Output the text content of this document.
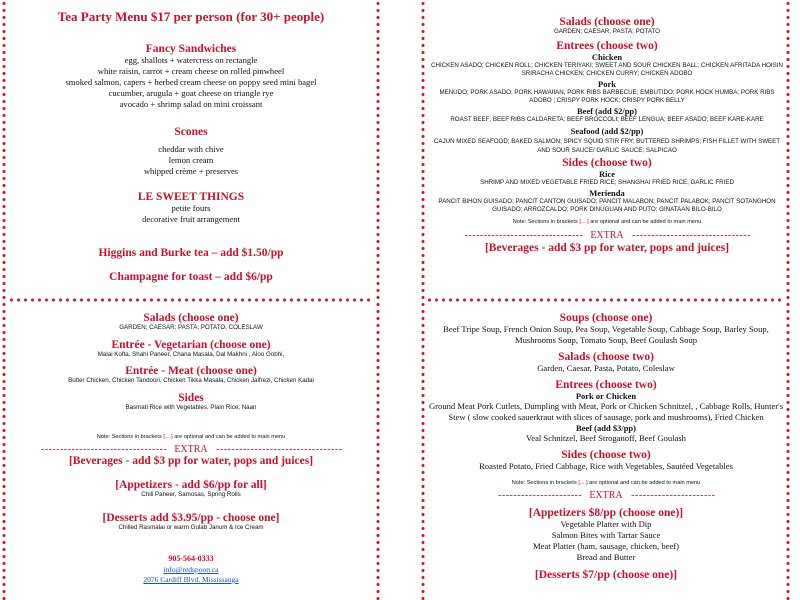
Tea Party Menu $17 per person (for 30+ people)

Fancy Sandwiches

egg, shallots + watercress on rectangle

white raisin, carrot + cream cheese on rolled pinwheel

smoked salmon, capers + herbed cream cheese on poppy seed mini bagel

cucumber, arugula + goat cheese on triangle rye

avocado + shrimp salad on mini croissant

Scones

cheddar with chive

lemon cream

whipped crème + preserves

LE SWEET THINGS

petite fours

decorative fruit arrangement

Higgins and Burke tea – add $1.50/pp

Champagne for toast – add $6/pp

Salads (choose one)

GARDEN; CAESAR; PASTA; POTATO

Entrees (choose two)

Chicken

CHICKEN ASADO; CHICKEN ROLL; CHICKEN TERIYAKI; SWEET AND SOUR CHICKEN BALL; CHICKEN AFRITADA HOISIN SRIRACHA CHICKEN; CHICKEN CURRY; CHICKEN ADOBO

Pork

MENUDO; PORK ASADO; PORK HAWAIIAN, PORK RIBS BARBECUE; EMBUTIDO; PORK HOCK HUMBA; PORK RIBS ADOBO ; CRISPY PORK HOCK; CRISPY PORK BELLY

Beef (add $2/pp)

ROAST BEEF; BEEF RIBS CALDARETA; BEEF BROCCOLI; BEEF LENGUA; BEEF ASADO; BEEF KARE-KARE

Seafood (add $2/pp)

CAJUN MIXED SEAFOOD; BAKED SALMON; SPICY SQUID STIR FRY; BUTTERED SHRIMPS; FISH FILLET WITH SWEET AND SOUR SAUCE/ GARLIC SAUCE; SALPICAO

Sides (choose two)

Rice

SHRIMP AND MIXED VEGETABLE FRIED RICE; SHANGHAI FRIED RICE; GARLIC FRIED

Merienda

PANCIT BIHON GUISADO; PANCIT CANTON GUISADO; PANCIT MALABON; PANCIT PALABOK; PANCIT SOTANGHON GUISADO; ARROZCALDO; PORK DINUGUAN AND PUTO; GINATAAN BILO-BILO

Note: Sections in brackets [....] are optional and can be added to main menu

- - - - - - - - - - - - - - - - - - - - - - - - - - - - - - - EXTRA - - - - - - - - - - - - - - - - - - - - - - - - - - - - - - -

[Beverages - add $3 pp for water, pops and juices]

Salads (choose one)

GARDEN; CAESAR; PASTA; POTATO, COLESLAW

Entrée - Vegetarian (choose one)

Malai Kofta, Shahi Paneer, Chana Masala, Dal Makhni , Aloo Gobhi,

Entrée - Meat (choose one)

Butter Chicken, Chicken Tandoori, Chicken Tikka Masala, Chicken Jalfrezi, Chicken Kadai

Sides

Basmati Rice with Vegetables, Plain Rice, Naan

Note: Sections in brackets [....] are optional and can be added to main menu

- - - - - - - - - - - - - - - - - - - - - - - - - - - - - - - - - EXTRA - - - - - - - - - - - - - - - - - - - - - - - - - - - - - - - - -

[Beverages - add $3 pp for water, pops and juices]

[Appetizers - add $6/pp for all]

Chili Paneer, Samosas, Spring Rolls

[Desserts add $3.95/pp - choose one]

Chilled Rasmalai or warm Gulab Janum & Ice Cream

905-564-0333

info@redspoon.ca

2076 Cardiff Blvd. Mississauga

Soups (choose one)

Beef Tripe Soup, French Onion Soup, Pea Soup, Vegetable Soup, Cabbage Soup, Barley Soup, Mushrooms Soup, Tomato Soup, Beef Goulash Soup

Salads (choose two)

Garden, Caesar, Pasta, Potato, Coleslaw

Entrees (choose two)

Pork or Chicken

Ground Meat Pork Cutlets, Dumpling with Meat, Pork or Chicken Schnitzel, , Cabbage Rolls, Hunter's Stew ( slow cooked sauerkraut with slices of sausage, pork and mushrooms), Fried Chicken

Beef (add $3/pp)

Veal Schnitzel, Beef Stroganoff, Beef Goulash

Sides (choose two)

Roasted Potato, Fried Cabbage, Rice with Vegetables, Sautéed Vegetables

Note: Sections in brackets [....] are optional and can be added to main menu

- - - - - - - - - - - - - - - - - - - - - - EXTRA - - - - - - - - - - - - - - - - - - - - - -

[Appetizers $8/pp (choose one)]

Vegetable Platter with Dip

Salmon Bites with Tartar Sauce

Meat Platter (ham, sausage, chicken, beef)

Bread and Butter

[Desserts $7/pp (choose one)]
